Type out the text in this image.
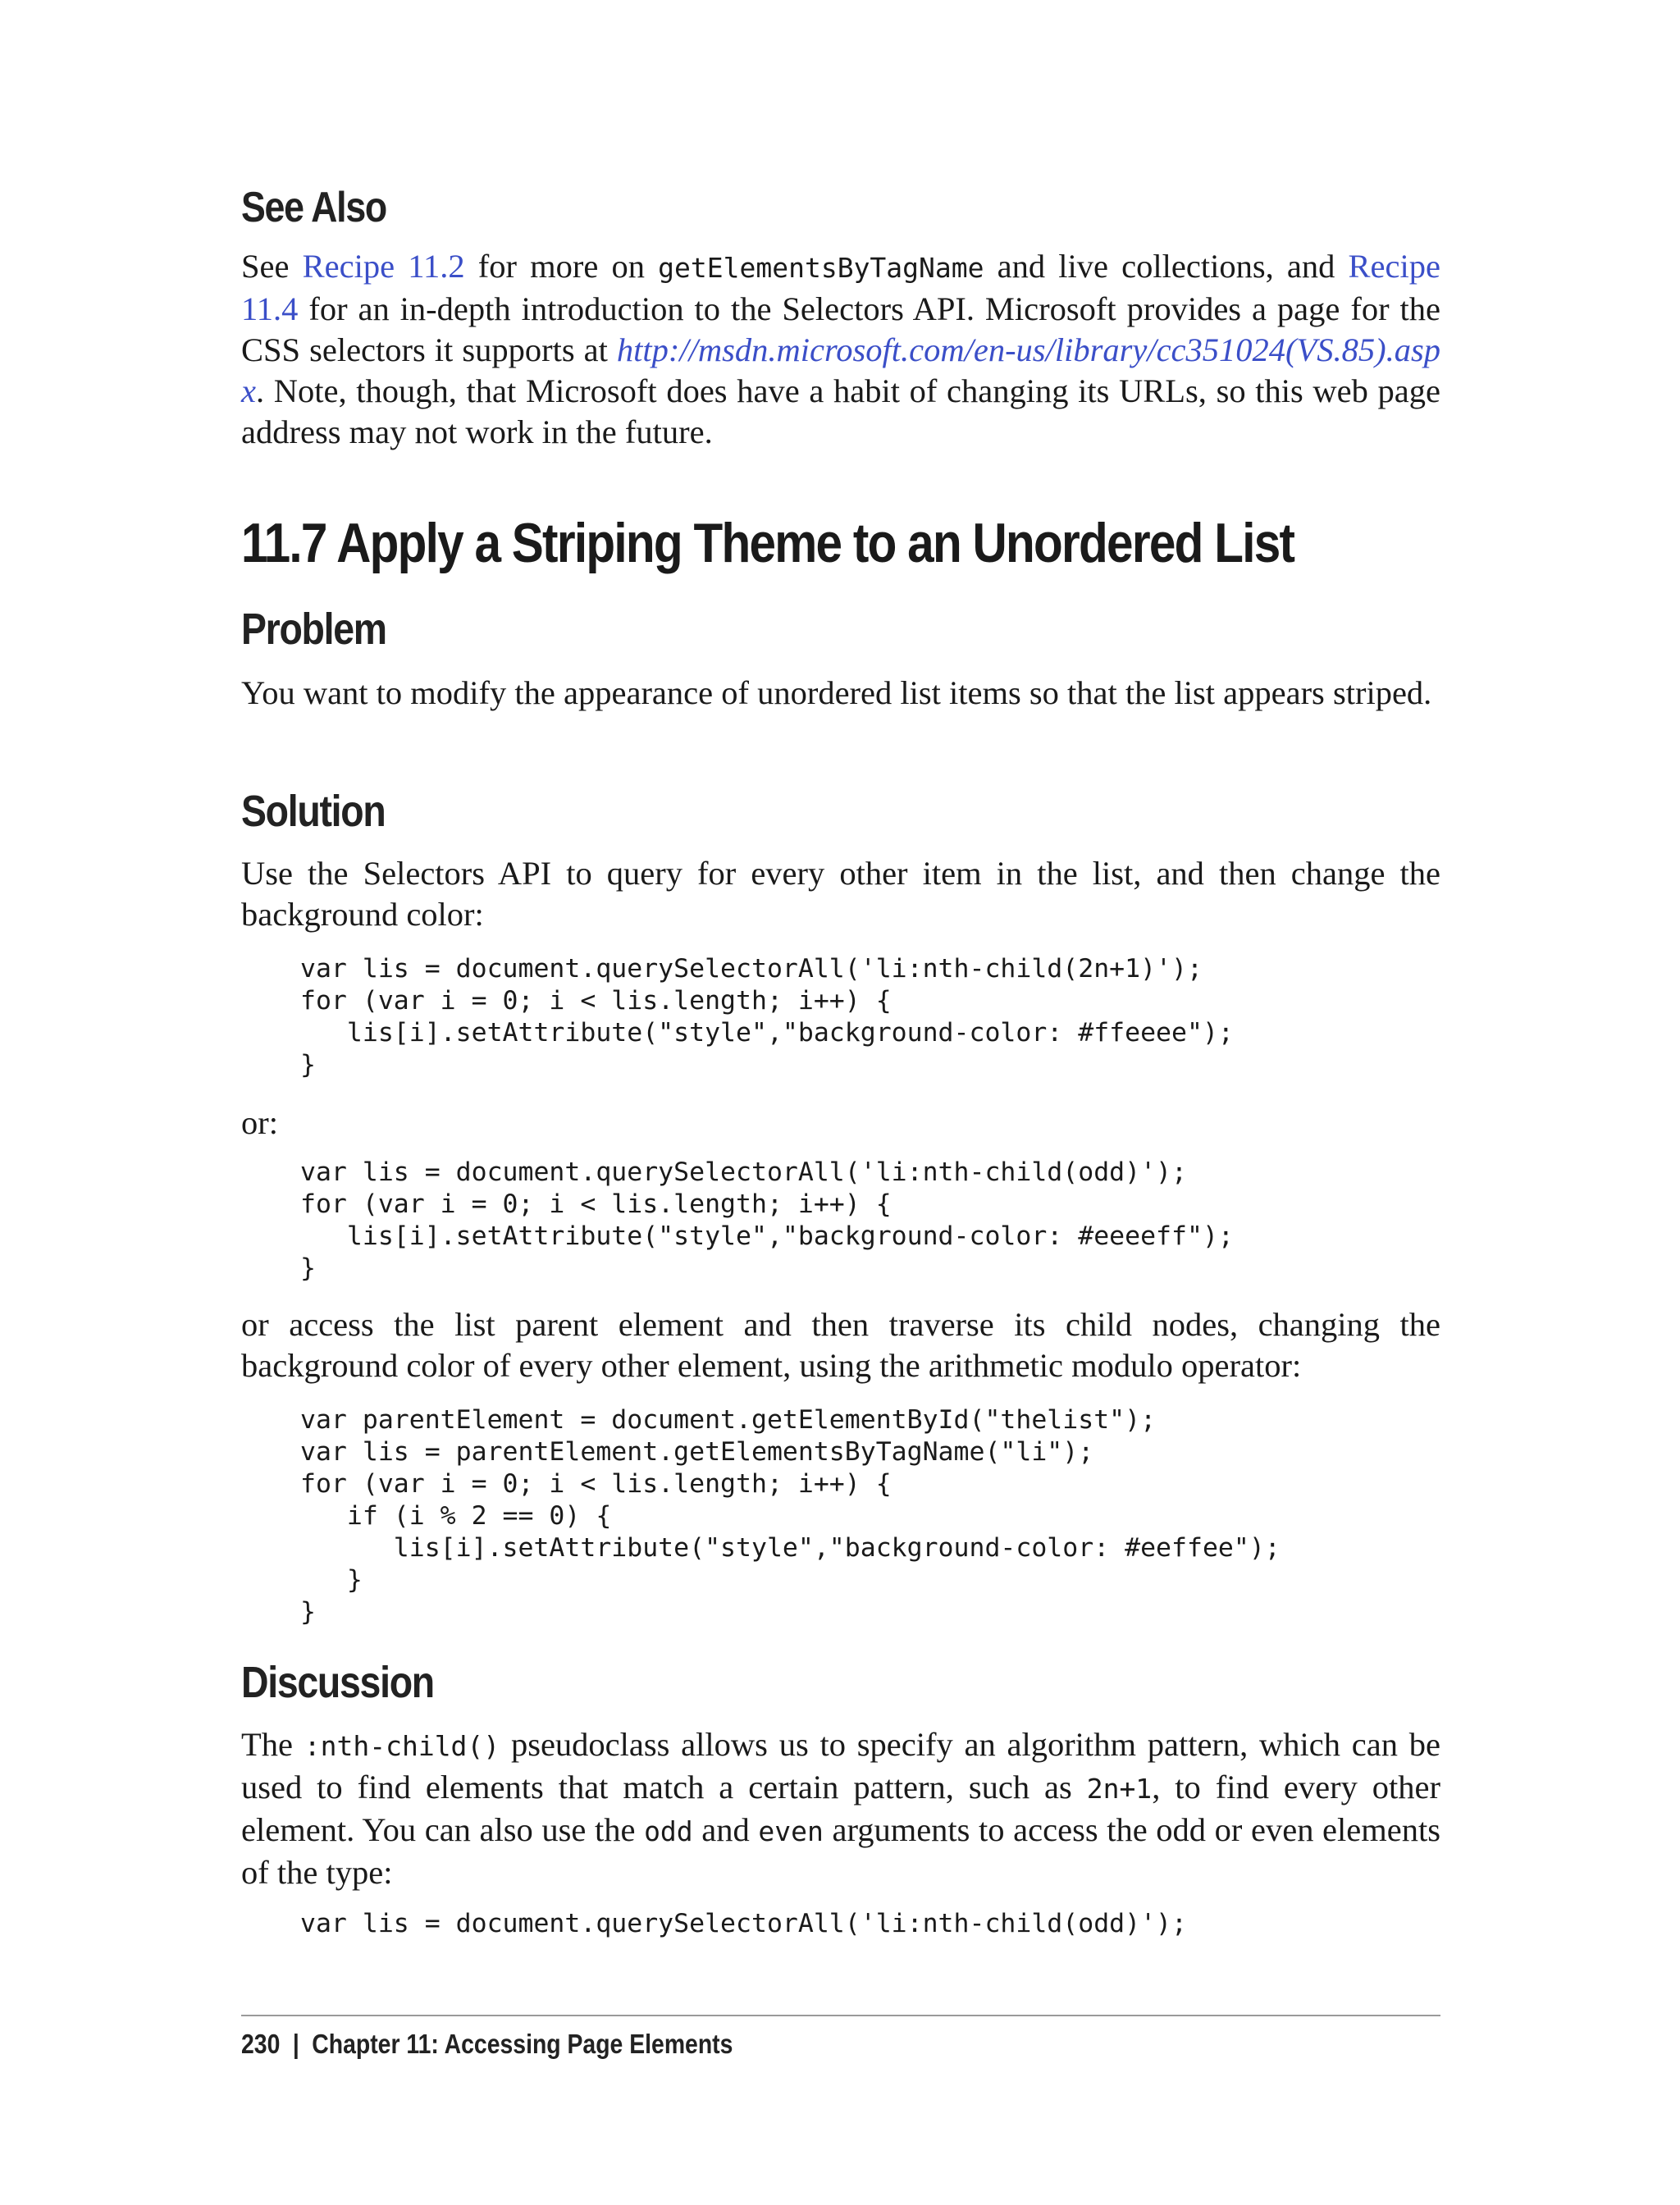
See Also

See Recipe 11.2 for more on getElementsByTagName and live collections, and Recipe 11.4 for an in-depth introduction to the Selectors API. Microsoft provides a page for the CSS selectors it supports at http://msdn.microsoft.com/en-us/library/cc351024(VS.85).aspx. Note, though, that Microsoft does have a habit of changing its URLs, so this web page address may not work in the future.

11.7 Apply a Striping Theme to an Unordered List
Problem

You want to modify the appearance of unordered list items so that the list appears striped.

Solution

Use the Selectors API to query for every other item in the list, and then change the background color:

var lis = document.querySelectorAll('li:nth-child(2n+1)');
for (var i = 0; i < lis.length; i++) {
lis[i].setAttribute("style","background-color: #ffeeee");
}

or:

var lis = document.querySelectorAll('li:nth-child(odd)');
for (var i = 0; i < lis.length; i++) {
lis[i].setAttribute("style","background-color: #eeeeff");
}

or access the list parent element and then traverse its child nodes, changing the background color of every other element, using the arithmetic modulo operator:

var parentElement = document.getElementById("thelist");
var lis = parentElement.getElementsByTagName("li");
for (var i = 0; i < lis.length; i++) {
if (i % 2 == 0) {
lis[i].setAttribute("style","background-color: #eeffee");
}
}
Discussion

The :nth-child() pseudoclass allows us to specify an algorithm pattern, which can be used to find elements that match a certain pattern, such as 2n+1, to find every other element. You can also use the odd and even arguments to access the odd or even elements of the type:

var lis = document.querySelectorAll('li:nth-child(odd)');
230 | Chapter 11: Accessing Page Elements
